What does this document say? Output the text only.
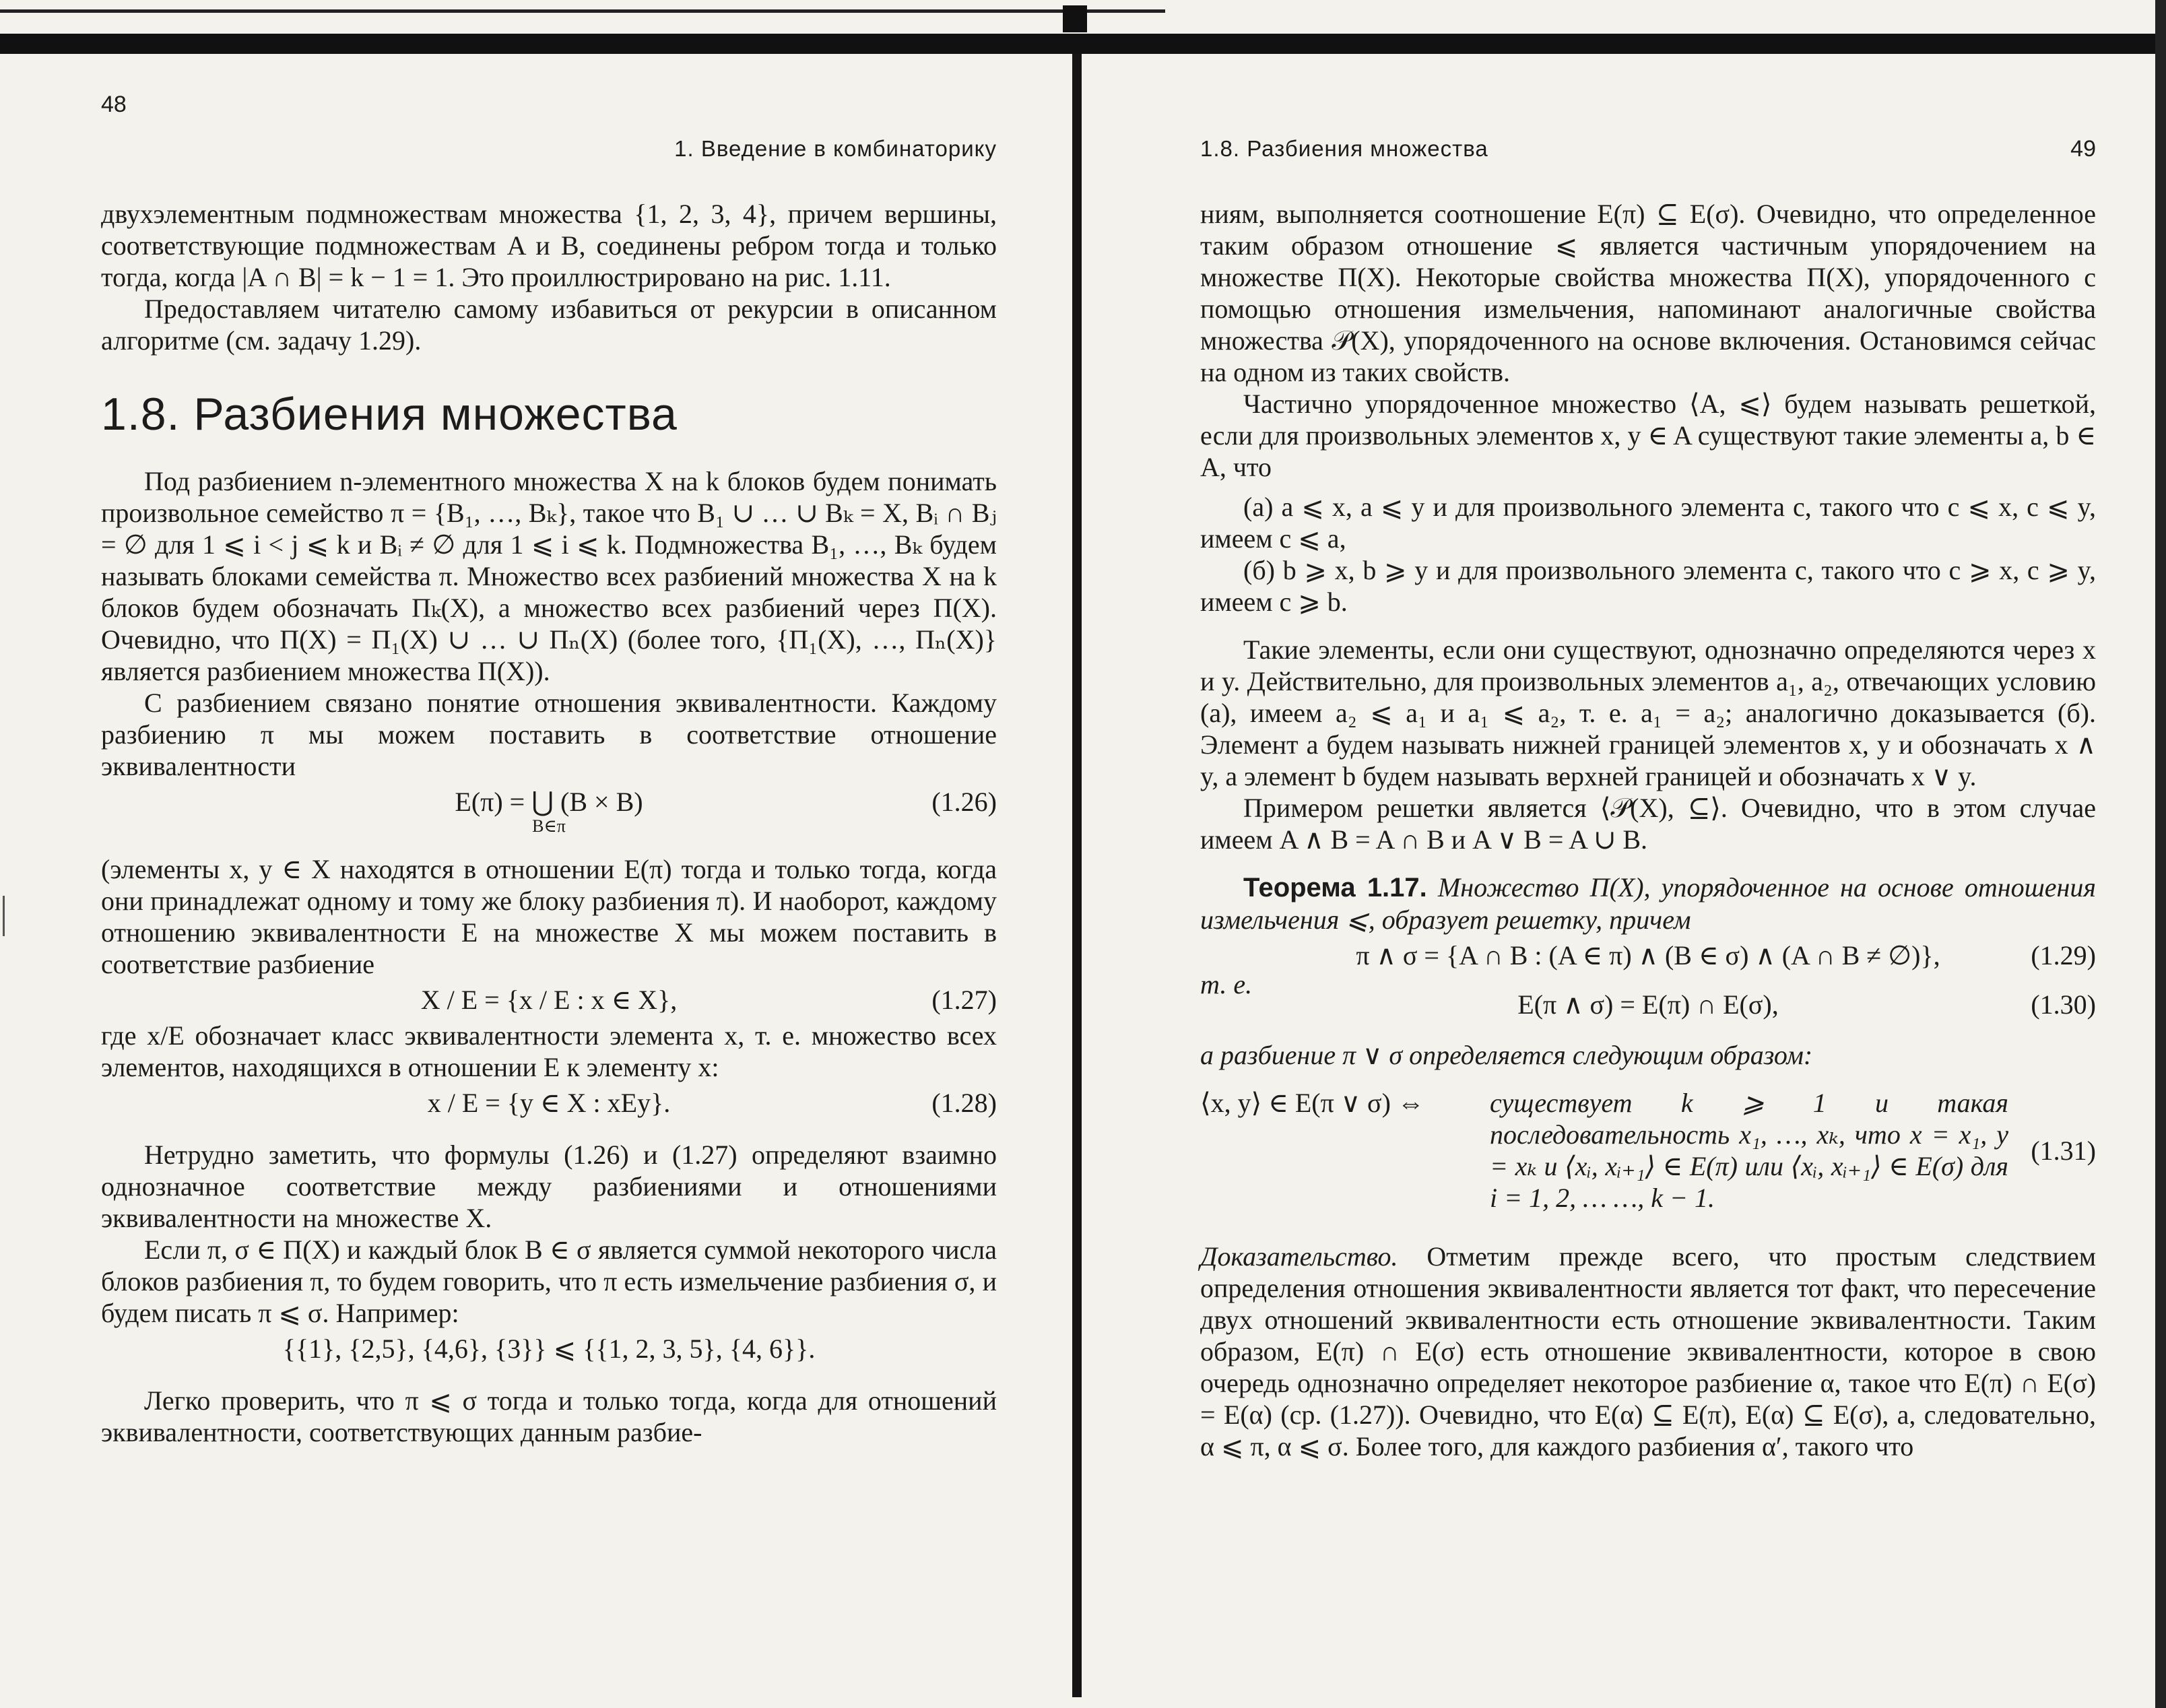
48
1. Введение в комбинаторику

двухэлементным подмножествам множества {1, 2, 3, 4}, причем вершины, соответствующие подмножествам A и B, соединены ребром тогда и только тогда, когда |A ∩ B| = k − 1 = 1. Это проиллюстрировано на рис. 1.11.

Предоставляем читателю самому избавиться от рекурсии в описанном алгоритме (см. задачу 1.29).

1.8. Разбиения множества

Под разбиением n-элементного множества X на k блоков будем понимать произвольное семейство π = {B₁, …, Bₖ}, такое что B₁ ∪ … ∪ Bₖ = X, Bᵢ ∩ Bⱼ = ∅ для 1 ⩽ i < j ⩽ k и Bᵢ ≠ ∅ для 1 ⩽ i ⩽ k. Подмножества B₁, …, Bₖ будем называть блоками семейства π. Множество всех разбиений множества X на k блоков будем обозначать Πₖ(X), а множество всех разбиений через Π(X). Очевидно, что Π(X) = Π₁(X) ∪ … ∪ Πₙ(X) (более того, {Π₁(X), …, Πₙ(X)} является разбиением множества Π(X)).

С разбиением связано понятие отношения эквивалентности. Каждому разбиению π мы можем поставить в соответствие отношение эквивалентности

E(π) = ⋃ (B × B)
B∈π
(1.26)

(элементы x, y ∈ X находятся в отношении E(π) тогда и только тогда, когда они принадлежат одному и тому же блоку разбиения π). И наоборот, каждому отношению эквивалентности E на множестве X мы можем поставить в соответствие разбиение

X / E = {x / E : x ∈ X},	(1.27)

где x/E обозначает класс эквивалентности элемента x, т. е. множество всех элементов, находящихся в отношении E к элементу x:

x / E = {y ∈ X : xEy}.	(1.28)

Нетрудно заметить, что формулы (1.26) и (1.27) определяют взаимно однозначное соответствие между разбиениями и отношениями эквивалентности на множестве X.

Если π, σ ∈ Π(X) и каждый блок B ∈ σ является суммой некоторого числа блоков разбиения π, то будем говорить, что π есть измельчение разбиения σ, и будем писать π ⩽ σ. Например:

{{1}, {2,5}, {4,6}, {3}} ⩽ {{1, 2, 3, 5}, {4, 6}}.

Легко проверить, что π ⩽ σ тогда и только тогда, когда для отношений эквивалентности, соответствующих данным разбие-

1.8. Разбиения множества	49

ниям, выполняется соотношение E(π) ⊆ E(σ). Очевидно, что определенное таким образом отношение ⩽ является частичным упорядочением на множестве Π(X). Некоторые свойства множества Π(X), упорядоченного с помощью отношения измельчения, напоминают аналогичные свойства множества 𝒫(X), упорядоченного на основе включения. Остановимся сейчас на одном из таких свойств.

Частично упорядоченное множество ⟨A, ⩽⟩ будем называть решеткой, если для произвольных элементов x, y ∈ A существуют такие элементы a, b ∈ A, что

(a) a ⩽ x, a ⩽ y и для произвольного элемента c, такого что c ⩽ x, c ⩽ y, имеем c ⩽ a,

(б) b ⩾ x, b ⩾ y и для произвольного элемента c, такого что c ⩾ x, c ⩾ y, имеем c ⩾ b.

Такие элементы, если они существуют, однозначно определяются через x и y. Действительно, для произвольных элементов a₁, a₂, отвечающих условию (a), имеем a₂ ⩽ a₁ и a₁ ⩽ a₂, т. е. a₁ = a₂; аналогично доказывается (б). Элемент a будем называть нижней границей элементов x, y и обозначать x ∧ y, а элемент b будем называть верхней границей и обозначать x ∨ y.

Примером решетки является ⟨𝒫(X), ⊆⟩. Очевидно, что в этом случае имеем A ∧ B = A ∩ B и A ∨ B = A ∪ B.

Теорема 1.17. Множество Π(X), упорядоченное на основе отношения измельчения ⩽, образует решетку, причем

π ∧ σ = {A ∩ B : (A ∈ π) ∧ (B ∈ σ) ∧ (A ∩ B ≠ ∅)},	(1.29)
т. е.
E(π ∧ σ) = E(π) ∩ E(σ),	(1.30)

а разбиение π ∨ σ определяется следующим образом:

⟨x, y⟩ ∈ E(π ∨ σ) ⇔	существует k ⩾ 1 и такая последовательность x₁, …, xₖ, что x = x₁, y = xₖ и ⟨xᵢ, xᵢ₊₁⟩ ∈ E(π) или ⟨xᵢ, xᵢ₊₁⟩ ∈ E(σ) для i = 1, 2, … …, k − 1.
(1.31)

Доказательство. Отметим прежде всего, что простым следствием определения отношения эквивалентности является тот факт, что пересечение двух отношений эквивалентности есть отношение эквивалентности. Таким образом, E(π) ∩ E(σ) есть отношение эквивалентности, которое в свою очередь однозначно определяет некоторое разбиение α, такое что E(π) ∩ E(σ) = E(α) (ср. (1.27)). Очевидно, что E(α) ⊆ E(π), E(α) ⊆ E(σ), а, следовательно, α ⩽ π, α ⩽ σ. Более того, для каждого разбиения α′, такого что
